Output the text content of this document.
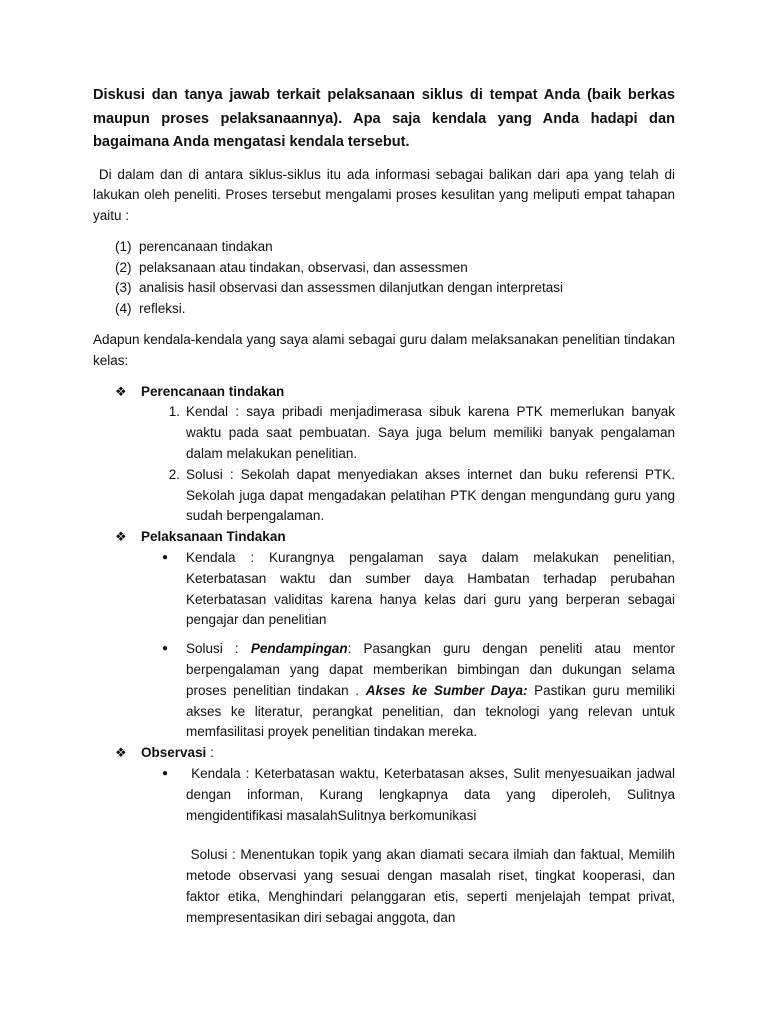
Diskusi dan tanya jawab terkait pelaksanaan siklus di tempat Anda (baik berkas maupun proses pelaksanaannya). Apa saja kendala yang Anda hadapi dan bagaimana Anda mengatasi kendala tersebut.
Di dalam dan di antara siklus-siklus itu ada informasi sebagai balikan dari apa yang telah di lakukan oleh peneliti. Proses tersebut mengalami proses kesulitan yang meliputi empat tahapan yaitu :
(1) perencanaan tindakan
(2) pelaksanaan atau tindakan, observasi, dan assessmen
(3) analisis hasil observasi dan assessmen dilanjutkan dengan interpretasi
(4) refleksi.
Adapun kendala-kendala yang saya alami sebagai guru dalam melaksanakan penelitian tindakan kelas:
❖	Perencanaan tindakan
1. Kendal : saya pribadi menjadimerasa sibuk karena PTK memerlukan banyak waktu pada saat pembuatan. Saya juga belum memiliki banyak pengalaman dalam melakukan penelitian.
2. Solusi : Sekolah dapat menyediakan akses internet dan buku referensi PTK. Sekolah juga dapat mengadakan pelatihan PTK dengan mengundang guru yang sudah berpengalaman.
❖	Pelaksanaan Tindakan
●	Kendala : Kurangnya pengalaman saya dalam melakukan penelitian, Keterbatasan waktu dan sumber daya Hambatan terhadap perubahan Keterbatasan validitas karena hanya kelas dari guru yang berperan sebagai pengajar dan penelitian
●	Solusi : Pendampingan: Pasangkan guru dengan peneliti atau mentor berpengalaman yang dapat memberikan bimbingan dan dukungan selama proses penelitian tindakan . Akses ke Sumber Daya: Pastikan guru memiliki akses ke literatur, perangkat penelitian, dan teknologi yang relevan untuk memfasilitasi proyek penelitian tindakan mereka.
❖	Observasi :
●	Kendala : Keterbatasan waktu, Keterbatasan akses, Sulit menyesuaikan jadwal dengan informan, Kurang lengkapnya data yang diperoleh, Sulitnya mengidentifikasi masalahSulitnya berkomunikasi
Solusi : Menentukan topik yang akan diamati secara ilmiah dan faktual, Memilih metode observasi yang sesuai dengan masalah riset, tingkat kooperasi, dan faktor etika, Menghindari pelanggaran etis, seperti menjelajah tempat privat, mempresentasikan diri sebagai anggota, dan
